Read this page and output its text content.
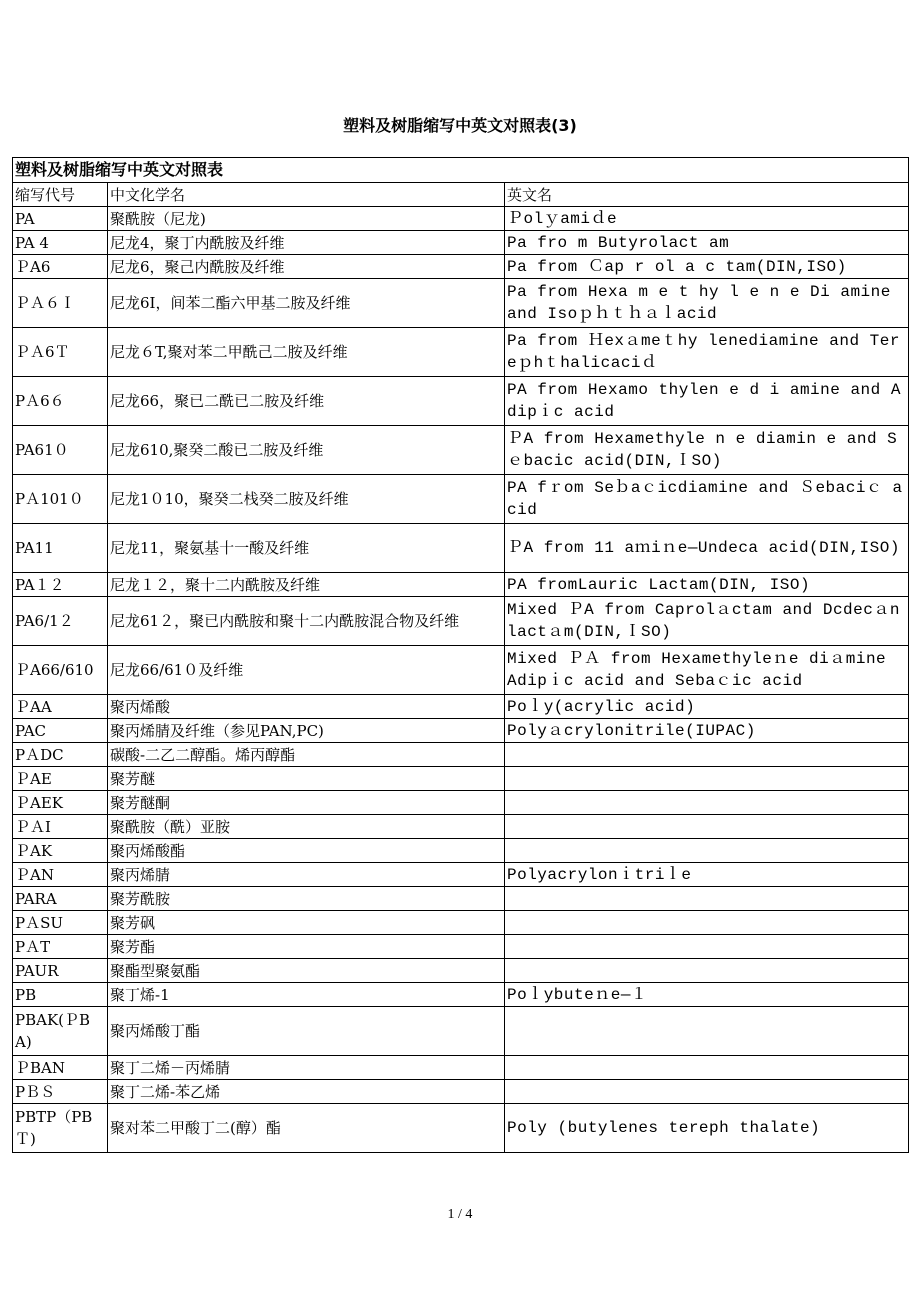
塑料及树脂缩写中英文对照表(3)
塑料及树脂缩写中英文对照表		
缩写代号	中文化学名	英文名
PA	聚酰胺（尼龙)	Ｐolｙamiｄe
PA 4	尼龙4，聚丁内酰胺及纤维	Pa fro m Butyrolact am
ＰA6	尼龙6，聚己内酰胺及纤维	Pa from Ｃap r ol a c tam(DIN,ISO)
ＰＡ６Ｉ	尼龙6I，间苯二酯六甲基二胺及纤维	Pa from Hexa m e t hy l e n e Di amine and Isoｐｈｔｈａｌacid
ＰＡ6Ｔ	尼龙６T,聚对苯二甲酰己二胺及纤维	Pa from Ｈexａmeｔhy lenediamine and Tereｐhｔhalicaciｄ
PＡ6６	尼龙66，聚已二酰已二胺及纤维	PA from Hexamo thylen e d i amine and Adipｉc acid
PA61０	尼龙610,聚癸二酸已二胺及纤维	ＰA from Hexamethyle n e diamin e and Sｅbacic acid(DIN,ＩSO)
PＡ101０	尼龙1０10，聚癸二栈癸二胺及纤维	PA fｒom Seｂaｃicdiamine and Ｓebaciｃ acid
PA11	尼龙11，聚氨基十一酸及纤维	ＰA from 11 aｍiｎe—Undeca acid(DIN,ISO)
PA１２	尼龙１２，聚十二内酰胺及纤维	PA fromLauric Lactam(DIN, ISO)
PA6/1２	尼龙61２，聚已内酰胺和聚十二内酰胺混合物及纤维	Mixed ＰA from Caprolａctam and Dcdecａnlactａm(DIN,ＩSO)
ＰA66/610	尼龙66/61０及纤维	Mixed ＰＡ from Hexamethyleｎe diａmine Adipｉc acid and Sebaｃic acid
ＰAA	聚丙烯酸	Poｌy(acrylic acid)
PAC	聚丙烯腈及纤维（参见PAN,PC)	Polyａcrylonitrile(IUPAC)
PＡDC	碳酸-二乙二醇酯。烯丙醇酯	
ＰAE	聚芳醚	
ＰAEK	聚芳醚酮	
ＰＡI	聚酰胺（酰）亚胺	
ＰAK	聚丙烯酸酯	
ＰAN	聚丙烯腈	Polyacrylonｉtriｌe
PARA	聚芳酰胺	
PＡSU	聚芳砜	
PＡT	聚芳酯	
PAUR	聚酯型聚氨酯	
PB	聚丁烯-1	Poｌybuteｎe—１
PBAK(ＰBA)	聚丙烯酸丁酯	
ＰBAN	聚丁二烯－丙烯腈	
PＢＳ	聚丁二烯-苯乙烯	
PBTP（PBＴ)	聚对苯二甲酸丁二(醇）酯	Poly (butylenes tereph thalate)
1 / 4
